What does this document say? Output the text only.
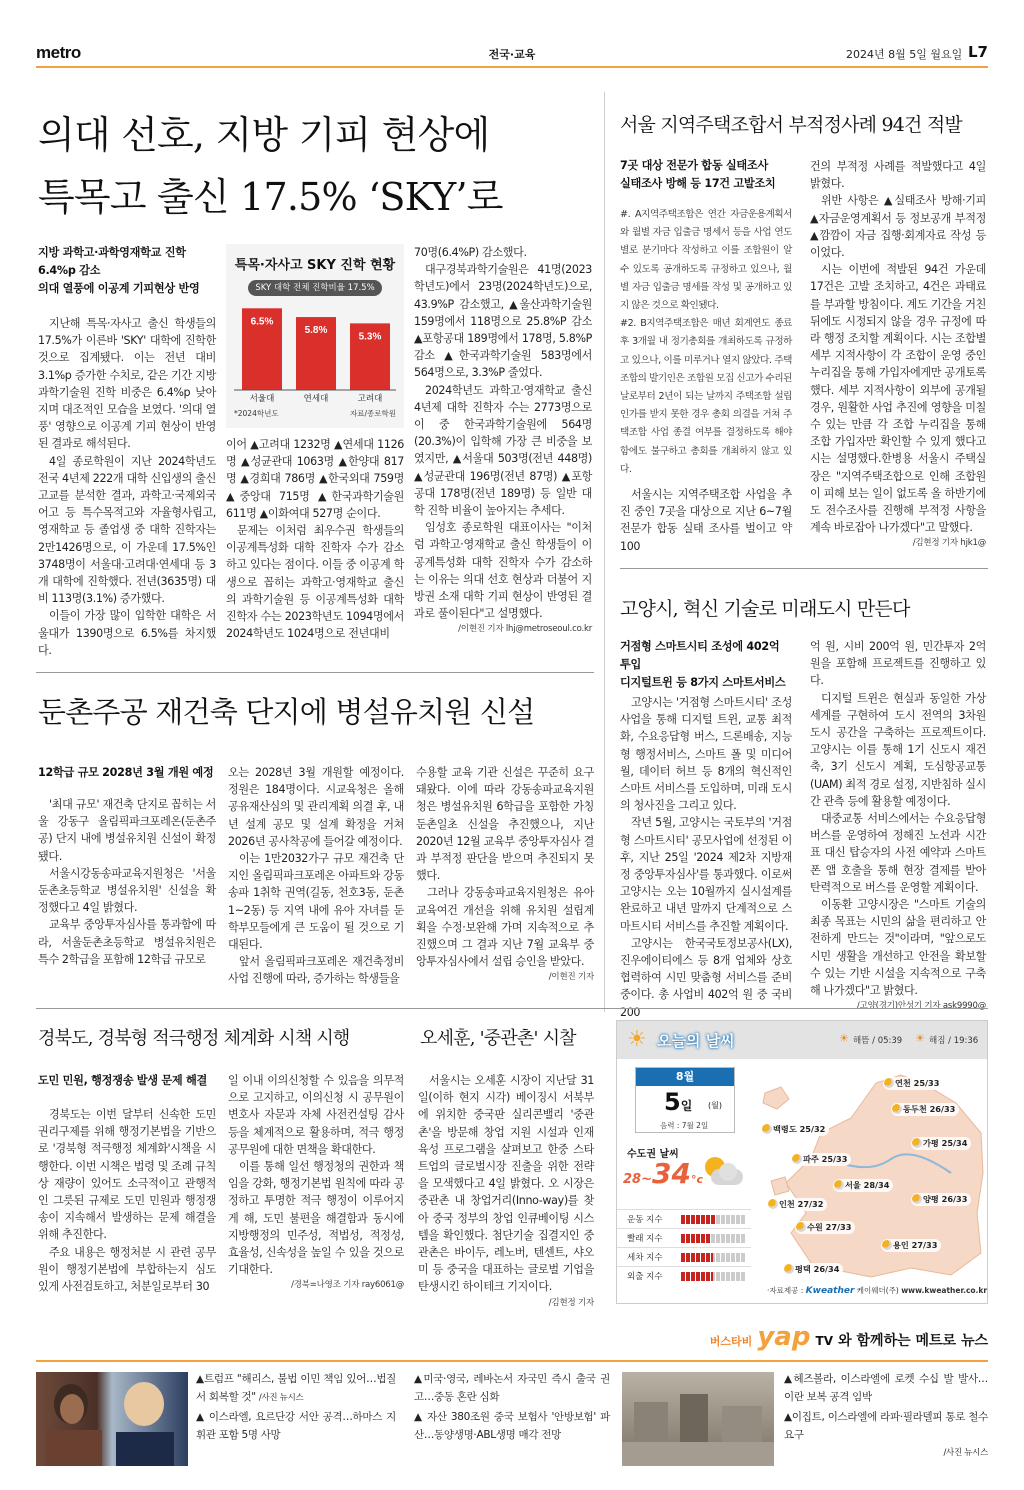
metro	전국·교육	2024년 8월 5일 월요일 L7
의대 선호, 지방 기피 현상에
특목고 출신 17.5% ‘SKY’로
지방 과학고·과학영재학교 진학 6.4%p 감소
의대 열풍에 이공계 기피현상 반영

지난해 특목·자사고 출신 학생들의 17.5%가 이른바 'SKY' 대학에 진학한 것으로 집계됐다. 이는 전년 대비 3.1%p 증가한 수치로, 같은 기간 지방 과학기술원 진학 비중은 6.4%p 낮아지며 대조적인 모습을 보였다. '의대 열풍' 영향으로 이공계 기피 현상이 반영된 결과로 해석된다.

4일 종로학원이 지난 2024학년도 전국 4년제 222개 대학 신입생의 출신 고교를 분석한 결과, 과학고·국제외국어고 등 특수목적고와 자율형사립고, 영재학교 등 졸업생 중 대학 진학자는 2만1426명으로, 이 가운데 17.5%인 3748명이 서울대·고려대·연세대 등 3개 대학에 진학했다. 전년(3635명) 대비 113명(3.1%) 증가했다.

이들이 가장 많이 입학한 대학은 서울대가 1390명으로 6.5%를 차지했다.

특목·자사고 SKY 진학 현황
SKY 대학 전체 진학비율 17.5%
6.5%
서울대
5.8%
연세대
5.3%
고려대
*2024학년도	자료/종로학원

이어 ▲고려대 1232명 ▲연세대 1126명 ▲성균관대 1063명 ▲한양대 817명 ▲경희대 786명 ▲한국외대 759명 ▲중앙대 715명 ▲한국과학기술원 611명 ▲이화여대 527명 순이다.

문제는 이처럼 최우수권 학생들의 이공계특성화 대학 진학자 수가 감소하고 있다는 점이다. 이들 중 이공계 학생으로 꼽히는 과학고·영재학교 출신의 과학기술원 등 이공계특성화 대학 진학자 수는 2023학년도 1094명에서 2024학년도 1024명으로 전년대비

70명(6.4%P) 감소했다.

대구경북과학기술원은 41명(2023학년도)에서 23명(2024학년도)으로, 43.9%P 감소했고, ▲울산과학기술원 159명에서 118명으로 25.8%P 감소 ▲포항공대 189명에서 178명, 5.8%P 감소 ▲한국과학기술원 583명에서 564명으로, 3.3%P 줄었다.

2024학년도 과학고·영재학교 출신 4년제 대학 진학자 수는 2773명으로 이 중 한국과학기술원에 564명(20.3%)이 입학해 가장 큰 비중을 보였지만, ▲서울대 503명(전년 448명) ▲성균관대 196명(전년 87명) ▲포항공대 178명(전년 189명) 등 일반 대학 진학 비율이 높아지는 추세다.

임성호 종로학원 대표이사는 "이처럼 과학고·영재학교 출신 학생들이 이공계특성화 대학 진학자 수가 감소하는 이유는 의대 선호 현상과 더불어 지방권 소재 대학 기피 현상이 반영된 결과로 풀이된다"고 설명했다.

/이현진 기자 lhj@metroseoul.co.kr
서울 지역주택조합서 부적정사례 94건 적발
7곳 대상 전문가 합동 실태조사
실태조사 방해 등 17건 고발조치

#. A지역주택조합은 연간 자금운용계획서와 월별 자금 입출금 명세서 등을 사업 연도별로 분기마다 작성하고 이를 조합원이 알 수 있도록 공개하도록 규정하고 있으나, 월별 자금 입출금 명세를 작성 및 공개하고 있지 않은 것으로 확인됐다.

#2. B지역주택조합은 매년 회계연도 종료 후 3개월 내 정기총회를 개최하도록 규정하고 있으나, 이를 미루거나 열지 않았다. 주택조합의 발기인은 조합원 모집 신고가 수리된 날로부터 2년이 되는 날까지 주택조합 설립 인가를 받지 못한 경우 총회 의결을 거쳐 주택조합 사업 종결 여부를 결정하도록 해야 함에도 불구하고 총회를 개최하지 않고 있다.

서울시는 지역주택조합 사업을 추진 중인 7곳을 대상으로 지난 6~7월 전문가 합동 실태 조사를 벌이고 약 100

건의 부적정 사례를 적발했다고 4일 밝혔다.

위반 사항은 ▲실태조사 방해·기피 ▲자금운영계획서 등 정보공개 부적정 ▲깜깜이 자금 집행·회계자료 작성 등이었다.

시는 이번에 적발된 94건 가운데 17건은 고발 조치하고, 4건은 과태료를 부과할 방침이다. 계도 기간을 거친 뒤에도 시정되지 않을 경우 규정에 따라 행정 조치할 계획이다. 시는 조합별 세부 지적사항이 각 조합이 운영 중인 누리집을 통해 가입자에게만 공개토록 했다. 세부 지적사항이 외부에 공개될 경우, 원활한 사업 추진에 영향을 미칠 수 있는 만큼 각 조합 누리집을 통해 조합 가입자만 확인할 수 있게 했다고 시는 설명했다.한병용 서울시 주택실장은 "지역주택조합으로 인해 조합원이 피해 보는 일이 없도록 올 하반기에도 전수조사를 진행해 부적정 사항을 계속 바로잡아 나가겠다"고 말했다.

/김현정 기자 hjk1@
고양시, 혁신 기술로 미래도시 만든다
거점형 스마트시티 조성에 402억 투입
디지털트윈 등 8가지 스마트서비스

고양시는 '거점형 스마트시티' 조성 사업을 통해 디지털 트윈, 교통 최적화, 수요응답형 버스, 드론배송, 지능형 행정서비스, 스마트 폴 및 미디어 월, 데이터 허브 등 8개의 혁신적인 스마트 서비스를 도입하며, 미래 도시의 청사진을 그리고 있다.

작년 5월, 고양시는 국토부의 '거점형 스마트시티' 공모사업에 선정된 이후, 지난 25일 '2024 제2차 지방재정 중앙투자심사'를 통과했다. 이로써 고양시는 오는 10월까지 실시설계를 완료하고 내년 말까지 단계적으로 스마트시티 서비스를 추진할 계획이다.

고양시는 한국국토정보공사(LX), 진우에이티에스 등 8개 업체와 상호협력하여 시민 맞춤형 서비스를 준비 중이다. 총 사업비 402억 원 중 국비 200

억 원, 시비 200억 원, 민간투자 2억 원을 포함해 프로젝트를 진행하고 있다.

디지털 트윈은 현실과 동일한 가상세계를 구현하여 도시 전역의 3차원 도시 공간을 구축하는 프로젝트이다. 고양시는 이를 통해 1기 신도시 재건축, 3기 신도시 계획, 도심항공교통(UAM) 최적 경로 설정, 지반침하 실시간 관측 등에 활용할 예정이다.

대중교통 서비스에서는 수요응답형 버스를 운영하여 정해진 노선과 시간표 대신 탑승자의 사전 예약과 스마트폰 앱 호출을 통해 현장 결제를 받아 탄력적으로 버스를 운영할 계획이다.

이동환 고양시장은 "스마트 기술의 최종 목표는 시민의 삶을 편리하고 안전하게 만드는 것"이라며, "앞으로도 시민 생활을 개선하고 안전을 확보할 수 있는 기반 시설을 지속적으로 구축해 나가겠다"고 밝혔다.

/고양(경기)안성기 기자 ask9990@
둔촌주공 재건축 단지에 병설유치원 신설
12학급 규모 2028년 3월 개원 예정

'최대 규모' 재건축 단지로 꼽히는 서울 강동구 올림픽파크포레온(둔촌주공) 단지 내에 병설유치원 신설이 확정됐다.

서울시강동송파교육지원청은 '서울둔촌초등학교 병설유치원' 신설을 확정했다고 4일 밝혔다.

교육부 중앙투자심사를 통과함에 따라, 서울둔촌초등학교 병설유치원은 특수 2학급을 포함해 12학급 규모로

오는 2028년 3월 개원할 예정이다. 정원은 184명이다. 시교육청은 올해 공유재산심의 및 관리계획 의결 후, 내년 설계 공모 및 설계 확정을 거쳐 2026년 공사착공에 들어갈 예정이다.

이는 1만2032가구 규모 재건축 단지인 올림픽파크포레온 아파트와 강동송파 1취학 권역(길동, 천호3동, 둔촌1~2동) 등 지역 내에 유아 자녀를 둔 학부모들에게 큰 도움이 될 것으로 기대된다.

앞서 올림픽파크포레온 재건축정비사업 진행에 따라, 증가하는 학생들을

수용할 교육 기관 신설은 꾸준히 요구돼왔다. 이에 따라 강동송파교육지원청은 병설유치원 6학급을 포함한 가칭 둔촌일초 신설을 추진했으나, 지난 2020년 12월 교육부 중앙투자심사 결과 부적정 판단을 받으며 추진되지 못했다.

그러나 강동송파교육지원청은 유아교육여건 개선을 위해 유치원 설립계획을 수정·보완해 가며 지속적으로 추진했으며 그 결과 지난 7월 교육부 중앙투자심사에서 설립 승인을 받았다.

/이현진 기자
경북도, 경북형 적극행정 체계화 시책 시행
도민 민원, 행정쟁송 발생 문제 해결

경북도는 이번 달부터 신속한 도민권리구제를 위해 행정기본법을 기반으로 '경북형 적극행정 체계화'시책을 시행한다. 이번 시책은 법령 및 조례 규칙상 재량이 있어도 소극적이고 관행적인 그릇된 규제로 도민 민원과 행정쟁송이 지속해서 발생하는 문제 해결을 위해 추진한다.

주요 내용은 행정처분 시 관련 공무원이 행정기본법에 부합하는지 심도 있게 사전검토하고, 처분일로부터 30

일 이내 이의신청할 수 있음을 의무적으로 고지하고, 이의신청 시 공무원이 변호사 자문과 자체 사전컨설팅 감사 등을 체계적으로 활용하며, 적극 행정 공무원에 대한 면책을 확대한다.

이를 통해 일선 행정청의 권한과 책임을 강화, 행정기본법 원칙에 따라 공정하고 투명한 적극 행정이 이루어지게 해, 도민 불편을 해결함과 동시에 지방행정의 민주성, 적법성, 적정성, 효율성, 신속성을 높일 수 있을 것으로 기대한다.

/경북=나영조 기자 ray6061@
오세훈, '중관촌' 시찰

서울시는 오세훈 시장이 지난달 31일(이하 현지 시각) 베이징시 서북부에 위치한 중국판 실리콘밸리 '중관촌'을 방문해 창업 지원 시설과 인재 육성 프로그램을 살펴보고 한중 스타트업의 글로벌시장 진출을 위한 전략을 모색했다고 4일 밝혔다. 오 시장은 중관촌 내 창업거리(Inno-way)를 찾아 중국 정부의 창업 인큐베이팅 시스템을 확인했다. 첨단기술 집결지인 중관촌은 바이두, 레노버, 텐센트, 샤오미 등 중국을 대표하는 글로벌 기업을 탄생시킨 하이테크 기지이다.

/김현정 기자
☀ 오늘의 날씨	☀ 해뜸 / 05:39 ☀ 해짐 / 19:36
8월
5일 (월)
음력 : 7월 2일
수도권 날씨
28~34°c
운동 지수
빨래 지수
세차 지수
외출 지수
연천 25/33
동두천 26/33
백령도 25/32
가평 25/34
파주 25/33
서울 28/34
양평 26/33
인천 27/32
수원 27/33
용인 27/33
평택 26/34
·자료제공 : Kweather 케이웨더(주) www.kweather.co.kr
버스타비 yap TV 와 함께하는 메트로 뉴스
▲트럼프 "해리스, 불법 이민 책임 있어…법질서 회복할 것" /사진 뉴시스
▲ 이스라엘, 요르단강 서안 공격…하마스 지휘관 포함 5명 사망
▲미국·영국, 레바논서 자국민 즉시 출국 권고…중동 혼란 심화
▲ 자산 380조원 중국 보험사 '안방보험' 파산…동양생명·ABL생명 매각 전망
▲헤즈볼라, 이스라엘에 로켓 수십 발 발사… 이란 보복 공격 임박
▲이집트, 이스라엘에 라파·필라델피 통로 철수 요구
/사진 뉴시스
